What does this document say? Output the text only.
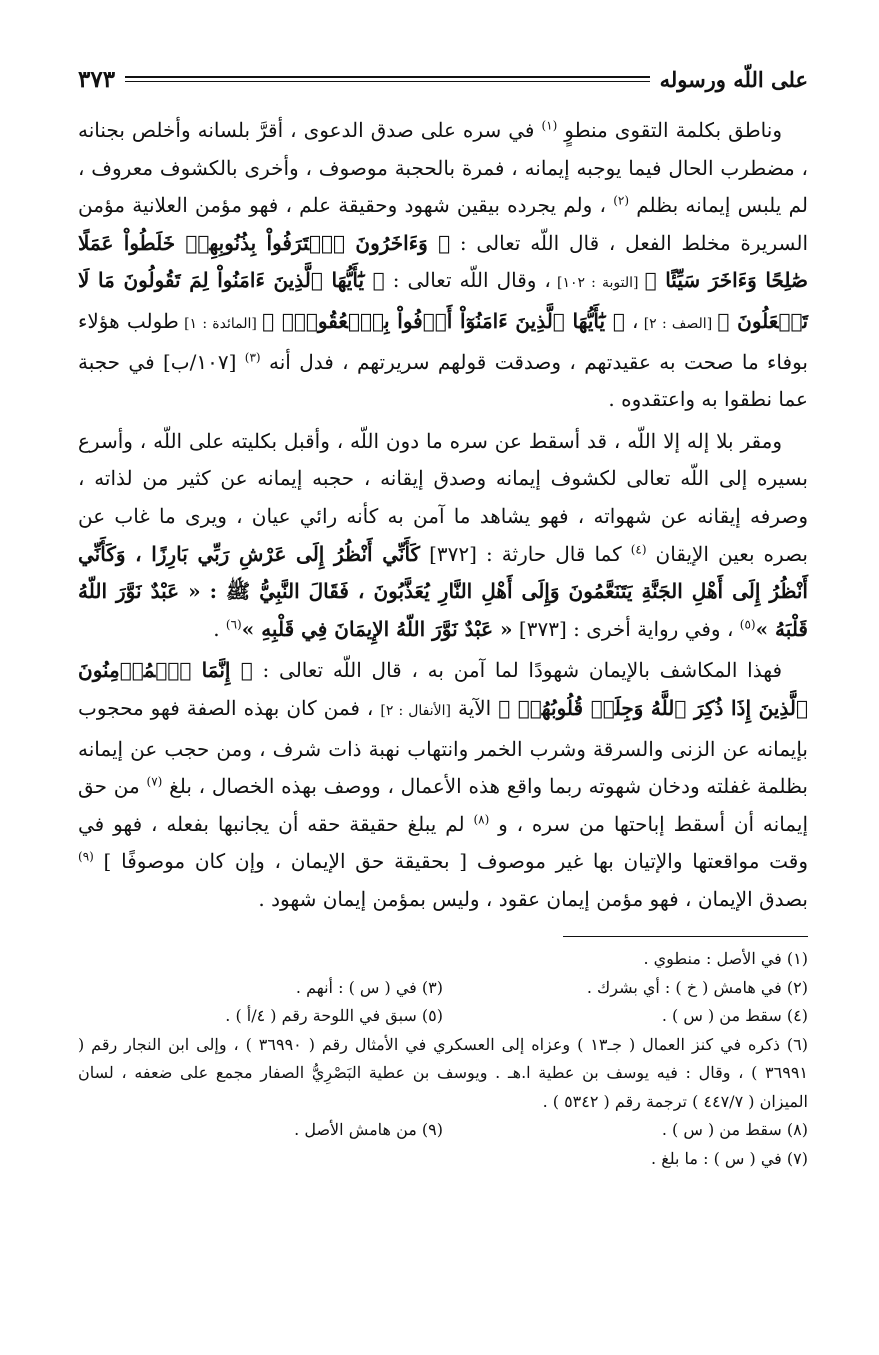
على اللّه ورسوله
٣٧٣

وناطق بكلمة التقوى منطوٍ $^{(١)}$ في سره على صدق الدعوى ، أقرَّ بلسانه وأخلص بجنانه ، مضطرب الحال فيما يوجبه إيمانه ، فمرة بالحجبة موصوف ، وأخرى بالكشوف معروف ، لم يلبس إيمانه بظلم $^{(٢)}$ ، ولم يجرده بيقين شهود وحقيقة علم ، فهو مؤمن العلانية مؤمن السريرة مخلط الفعل ، قال اللّه تعالى : ﴿ وَءَاخَرُونَ ٱعۡتَرَفُواْ بِذُنُوبِهِمۡ خَلَطُواْ عَمَلًا صَٰلِحًا وَءَاخَرَ سَيِّئًا ﴾ [التوبة : ١٠٢] ، وقال اللّه تعالى : ﴿ يَٰٓأَيُّهَا ٱلَّذِينَ ءَامَنُواْ لِمَ تَقُولُونَ مَا لَا تَفۡعَلُونَ ﴾ [الصف : ٢] ، ﴿ يَٰٓأَيُّهَا ٱلَّذِينَ ءَامَنُوٓاْ أَوۡفُواْ بِٱلۡعُقُودِۚ ﴾ [المائدة : ١] طولب هؤلاء بوفاء ما صحت به عقيدتهم ، وصدقت قولهم سريرتهم ، فدل أنه $^{(٣)}$ [١٠٧/ب] في حجبة عما نطقوا به واعتقدوه .

ومقر بلا إله إلا اللّه ، قد أسقط عن سره ما دون اللّه ، وأقبل بكليته على اللّه ، وأسرع بسيره إلى اللّه تعالى لكشوف إيمانه وصدق إيقانه ، حجبه إيمانه عن كثير من لذاته ، وصرفه إيقانه عن شهواته ، فهو يشاهد ما آمن به كأنه رائي عيان ، ويرى ما غاب عن بصره بعين الإيقان $^{(٤)}$ كما قال حارثة : [٣٧٢] كَأَنِّي أَنْظُرُ إِلَى عَرْشِ رَبِّي بَارِزًا ، وَكَأَنِّي أَنْظُرُ إِلَى أَهْلِ الجَنَّةِ يَتَنَعَّمُونَ وَإِلَى أَهْلِ النَّارِ يُعَذَّبُونَ ، فَقَالَ النَّبِيُّ ﷺ : « عَبْدٌ نَوَّرَ اللّهُ قَلْبَهُ »$^{(٥)}$ ، وفي رواية أخرى : [٣٧٣] « عَبْدٌ نَوَّرَ اللّهُ الإِيمَانَ فِي قَلْبِهِ »$^{(٦)}$ .

فهذا المكاشف بالإيمان شهودًا لما آمن به ، قال اللّه تعالى : ﴿ إِنَّمَا ٱلۡمُؤۡمِنُونَ ٱلَّذِينَ إِذَا ذُكِرَ ٱللَّهُ وَجِلَتۡ قُلُوبُهُمۡ ﴾ الآية [الأنفال : ٢] ، فمن كان بهذه الصفة فهو محجوب بإيمانه عن الزنى والسرقة وشرب الخمر وانتهاب نهبة ذات شرف ، ومن حجب عن إيمانه بظلمة غفلته ودخان شهوته ربما واقع هذه الأعمال ، ووصف بهذه الخصال ، بلغ $^{(٧)}$ من حق إيمانه أن أسقط إباحتها من سره ، و $^{(٨)}$ لم يبلغ حقيقة حقه أن يجانبها بفعله ، فهو في وقت مواقعتها والإتيان بها غير موصوف [ بحقيقة حق الإيمان ، وإن كان موصوفًا ] $^{(٩)}$ بصدق الإيمان ، فهو مؤمن إيمان عقود ، وليس بمؤمن إيمان شهود .

(١) في الأصل : منطوي .
(٢) في هامش ( خ ) : أي بشرك .
(٣) في ( س ) : أنهم .
(٤) سقط من ( س ) .
(٥) سبق في اللوحة رقم ( ٤/أ ) .
(٦) ذكره في كنز العمال ( جـ١٣ ) وعزاه إلى العسكري في الأمثال رقم ( ٣٦٩٩٠ ) ، وإلى ابن النجار رقم ( ٣٦٩٩١ ) ، وقال : فيه يوسف بن عطية ا.هـ . ويوسف بن عطية البَصْرِيُّ الصفار مجمع على ضعفه ، لسان الميزان ( ٤٤٧/٧ ) ترجمة رقم ( ٥٣٤٢ ) .
(٨) سقط من ( س ) .
(٩) من هامش الأصل .
(٧) في ( س ) : ما بلغ .
